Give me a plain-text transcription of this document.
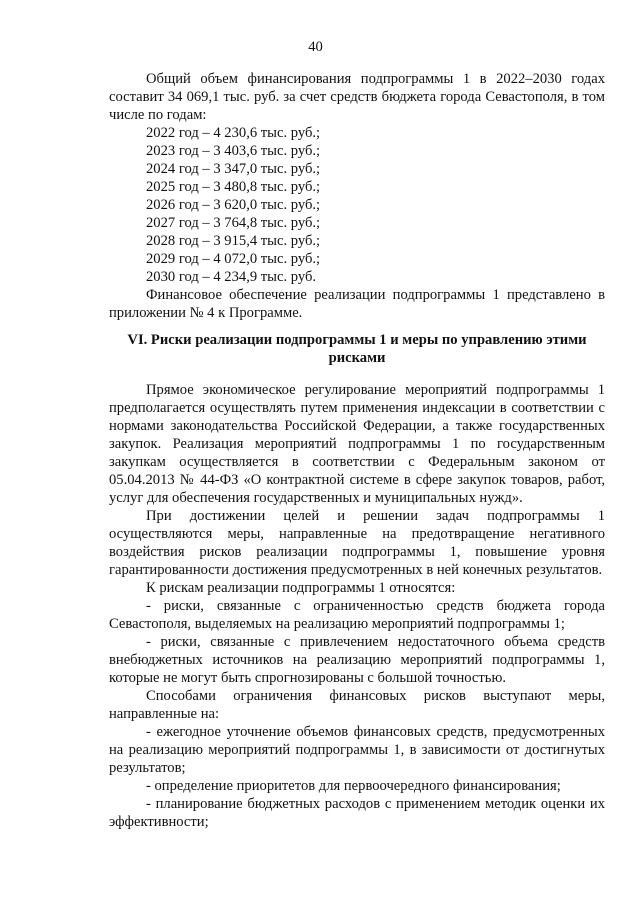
40

Общий объем финансирования подпрограммы 1 в 2022–2030 годах составит 34 069,1 тыс. руб. за счет средств бюджета города Севастополя, в том числе по годам:

2022 год – 4 230,6 тыс. руб.;
2023 год – 3 403,6 тыс. руб.;
2024 год – 3 347,0 тыс. руб.;
2025 год – 3 480,8 тыс. руб.;
2026 год – 3 620,0 тыс. руб.;
2027 год – 3 764,8 тыс. руб.;
2028 год – 3 915,4 тыс. руб.;
2029 год – 4 072,0 тыс. руб.;
2030 год – 4 234,9 тыс. руб.

Финансовое обеспечение реализации подпрограммы 1 представлено в приложении № 4 к Программе.

VI. Риски реализации подпрограммы 1 и меры по управлению этими рисками

Прямое экономическое регулирование мероприятий подпрограммы 1 предполагается осуществлять путем применения индексации в соответствии с нормами законодательства Российской Федерации, а также государственных закупок. Реализация мероприятий подпрограммы 1 по государственным закупкам осуществляется в соответствии с Федеральным законом от 05.04.2013 № 44-ФЗ «О контрактной системе в сфере закупок товаров, работ, услуг для обеспечения государственных и муниципальных нужд».

При достижении целей и решении задач подпрограммы 1 осуществляются меры, направленные на предотвращение негативного воздействия рисков реализации подпрограммы 1, повышение уровня гарантированности достижения предусмотренных в ней конечных результатов.

К рискам реализации подпрограммы 1 относятся:

- риски, связанные с ограниченностью средств бюджета города Севастополя, выделяемых на реализацию мероприятий подпрограммы 1;

- риски, связанные с привлечением недостаточного объема средств внебюджетных источников на реализацию мероприятий подпрограммы 1, которые не могут быть спрогнозированы с большой точностью.

Способами ограничения финансовых рисков выступают меры, направленные на:

- ежегодное уточнение объемов финансовых средств, предусмотренных на реализацию мероприятий подпрограммы 1, в зависимости от достигнутых результатов;

- определение приоритетов для первоочередного финансирования;

- планирование бюджетных расходов с применением методик оценки их эффективности;
